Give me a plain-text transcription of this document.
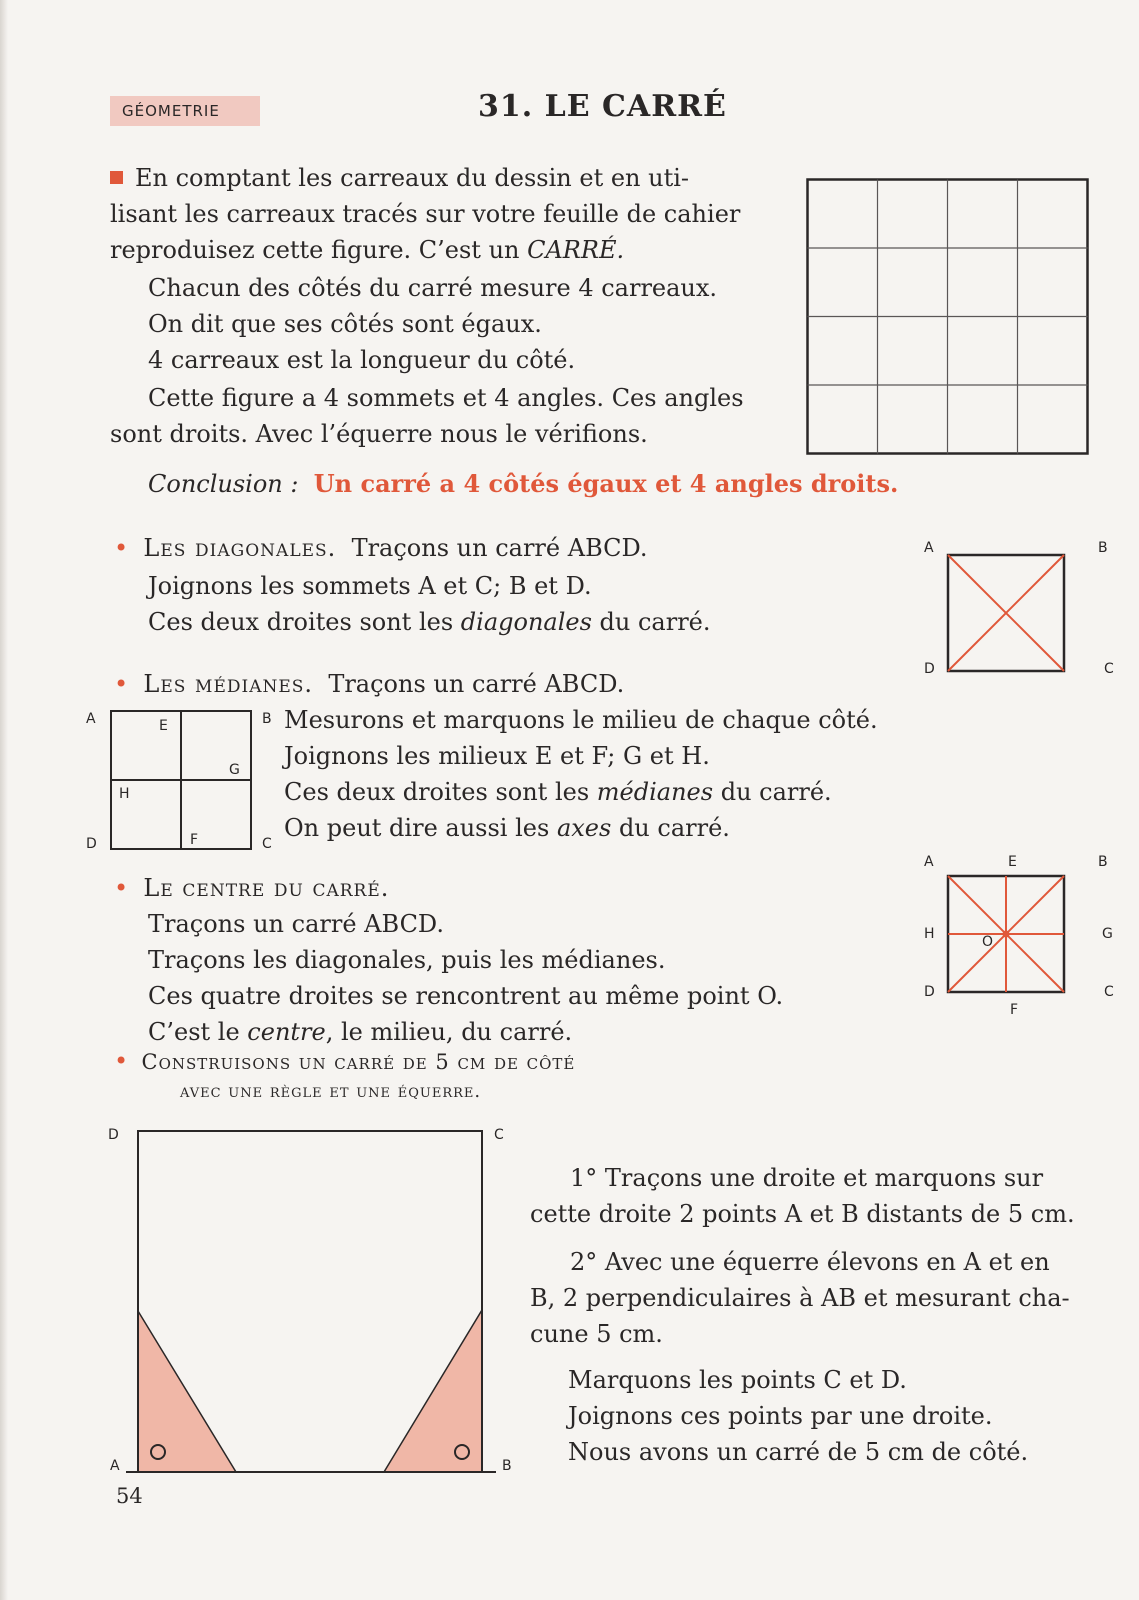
GÉOMETRIE	31. LE CARRÉ

En comptant les carreaux du dessin et en uti-

lisant les carreaux tracés sur votre feuille de cahier

reproduisez cette figure. C’est un CARRÉ.

Chacun des côtés du carré mesure 4 carreaux.

On dit que ses côtés sont égaux.

4 carreaux est la longueur du côté.

Cette figure a 4 sommets et 4 angles. Ces angles

sont droits. Avec l’équerre nous le vérifions.

Conclusion : Un carré a 4 côtés égaux et 4 angles droits.

• Les diagonales. Traçons un carré ABCD.

Joignons les sommets A et C; B et D.

Ces deux droites sont les diagonales du carré.

A	B
C
D

• Les médianes. Traçons un carré ABCD.

Mesurons et marquons le milieu de chaque côté.

Joignons les milieux E et F; G et H.

Ces deux droites sont les médianes du carré.

On peut dire aussi les axes du carré.

A	B
C
D
E
F
G
H

• Le centre du carré.

Traçons un carré ABCD.

Traçons les diagonales, puis les médianes.

Ces quatre droites se rencontrent au même point O.

C’est le centre, le milieu, du carré.

A	B
C
D
E
F
G
H	O

• Construisons un carré de 5 cm de côté

avec une règle et une équerre.

D	C
A	B

1° Traçons une droite et marquons sur

cette droite 2 points A et B distants de 5 cm.

2° Avec une équerre élevons en A et en

B, 2 perpendiculaires à AB et mesurant cha-

cune 5 cm.

Marquons les points C et D.

Joignons ces points par une droite.

Nous avons un carré de 5 cm de côté.

54
